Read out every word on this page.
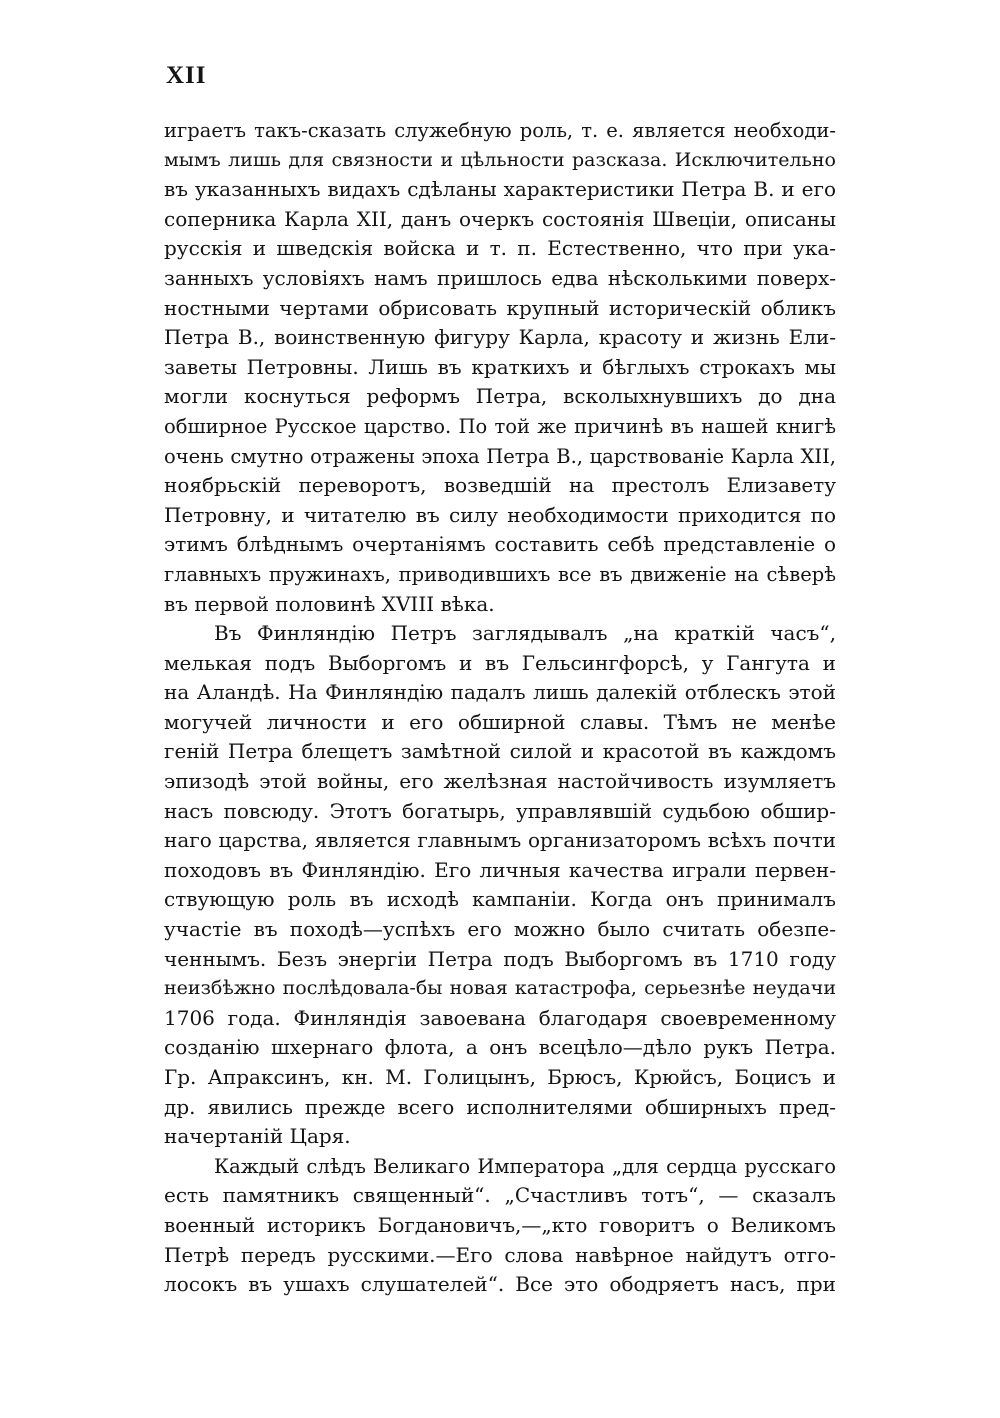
XII
играетъ такъ-сказать служебную роль, т. е. является необходи-
мымъ лишь для связности и цѣльности разсказа. Исключительно
въ указанныхъ видахъ сдѣланы характеристики Петра В. и его
соперника Карла XII, данъ очеркъ состоянія Швеціи, описаны
русскія и шведскія войска и т. п. Естественно, что при ука-
занныхъ условіяхъ намъ пришлось едва нѣсколькими поверх-
ностными чертами обрисовать крупный историческій обликъ
Петра В., воинственную фигуру Карла, красоту и жизнь Ели-
заветы Петровны. Лишь въ краткихъ и бѣглыхъ строкахъ мы
могли коснуться реформъ Петра, всколыхнувшихъ до дна
обширное Русское царство. По той же причинѣ въ нашей книгѣ
очень смутно отражены эпоха Петра В., царствованіе Карла XII,
ноябрьскій переворотъ, возведшій на престолъ Елизавету
Петровну, и читателю въ силу необходимости приходится по
этимъ блѣднымъ очертаніямъ составить себѣ представленіе о
главныхъ пружинахъ, приводившихъ все въ движеніе на сѣверѣ
въ первой половинѣ XVIII вѣка.
Въ Финляндію Петръ заглядывалъ „на краткій часъ“,
мелькая подъ Выборгомъ и въ Гельсингфорсѣ, у Гангута и
на Аландѣ. На Финляндію падалъ лишь далекій отблескъ этой
могучей личности и его обширной славы. Тѣмъ не менѣе
геній Петра блещетъ замѣтной силой и красотой въ каждомъ
эпизодѣ этой войны, его желѣзная настойчивость изумляетъ
насъ повсюду. Этотъ богатырь, управлявшій судьбою обшир-
наго царства, является главнымъ организаторомъ всѣхъ почти
походовъ въ Финляндію. Его личныя качества играли первен-
ствующую роль въ исходѣ кампаніи. Когда онъ принималъ
участіе въ походѣ—успѣхъ его можно было считать обезпе-
ченнымъ. Безъ энергіи Петра подъ Выборгомъ въ 1710 году
неизбѣжно послѣдовала-бы новая катастрофа, серьезнѣе неудачи
1706 года. Финляндія завоевана благодаря своевременному
созданію шхернаго флота, а онъ всецѣло—дѣло рукъ Петра.
Гр. Апраксинъ, кн. М. Голицынъ, Брюсъ, Крюйсъ, Боцисъ и
др. явились прежде всего исполнителями обширныхъ пред-
начертаній Царя.
Каждый слѣдъ Великаго Императора „для сердца русскаго
есть памятникъ священный“. „Счастливъ тотъ“, — сказалъ
военный историкъ Богдановичъ,—„кто говоритъ о Великомъ
Петрѣ передъ русскими.—Его слова навѣрное найдутъ отго-
лосокъ въ ушахъ слушателей“. Все это ободряетъ насъ, при
